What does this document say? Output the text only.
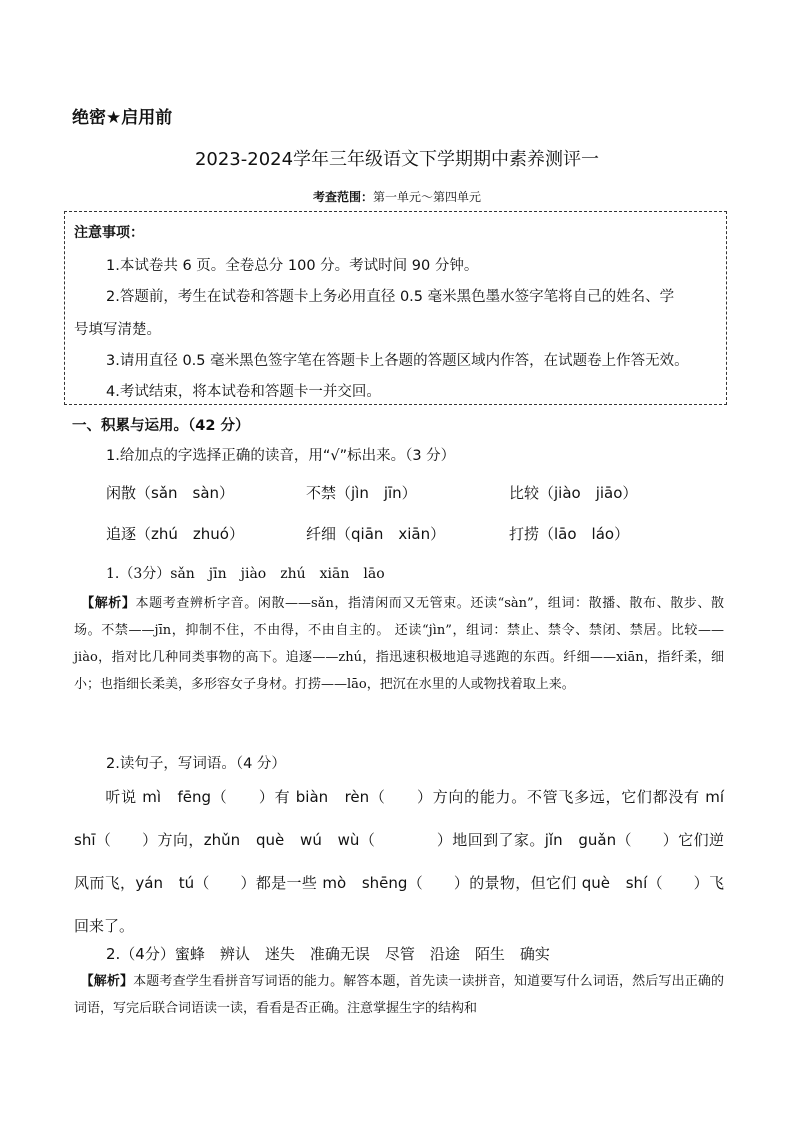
绝密★启用前
2023-2024学年三年级语文下学期期中素养测评一
考查范围：第一单元～第四单元
注意事项：
1.本试卷共 6 页。全卷总分 100 分。考试时间 90 分钟。
2.答题前，考生在试卷和答题卡上务必用直径 0.5 毫米黑色墨水签字笔将自己的姓名、学
号填写清楚。
3.请用直径 0.5 毫米黑色签字笔在答题卡上各题的答题区域内作答，在试题卷上作答无效。
4.考试结束，将本试卷和答题卡一并交回。
一、积累与运用。（42 分）
1.给加点的字选择正确的读音，用“√”标出来。（3 分）
闲散（sǎn　sàn）	不禁（jìn　jīn）	比较（jiào　jiāo）
追逐（zhú　zhuó）	纤细（qiān　xiān）	打捞（lāo　láo）
1.（3分）sǎn　jīn　jiào　zhú　xiān　lāo
　【解析】本题考查辨析字音。闲散——sǎn，指清闲而又无管束。还读“sàn”，组词：散播、散布、散步、散场。不禁——jīn，抑制不住，不由得，不由自主的。 还读“jìn”，组词：禁止、禁令、禁闭、禁居。比较——jiào，指对比几种同类事物的高下。追逐——zhú，指迅速积极地追寻逃跑的东西。纤细——xiān，指纤柔，细小；也指细长柔美，多形容女子身材。打捞——lāo，把沉在水里的人或物找着取上来。
2.读句子，写词语。（4 分）
　　听说 mì　fēng（　　）有 biàn　rèn（　　）方向的能力。不管飞多远，它们都没有 mí　shī（　　）方向，zhǔn　què　wú　wù（　　　　）地回到了家。jǐn　guǎn（　　）它们逆风而飞，yán　tú（　　）都是一些 mò　shēng（　　）的景物，但它们 què　shí（　　）飞回来了。
2.（4分）蜜蜂　辨认　迷失　准确无误　尽管　沿途　陌生　确实
　【解析】本题考查学生看拼音写词语的能力。解答本题，首先读一读拼音，知道要写什么词语，然后写出正确的词语，写完后联合词语读一读，看看是否正确。注意掌握生字的结构和
